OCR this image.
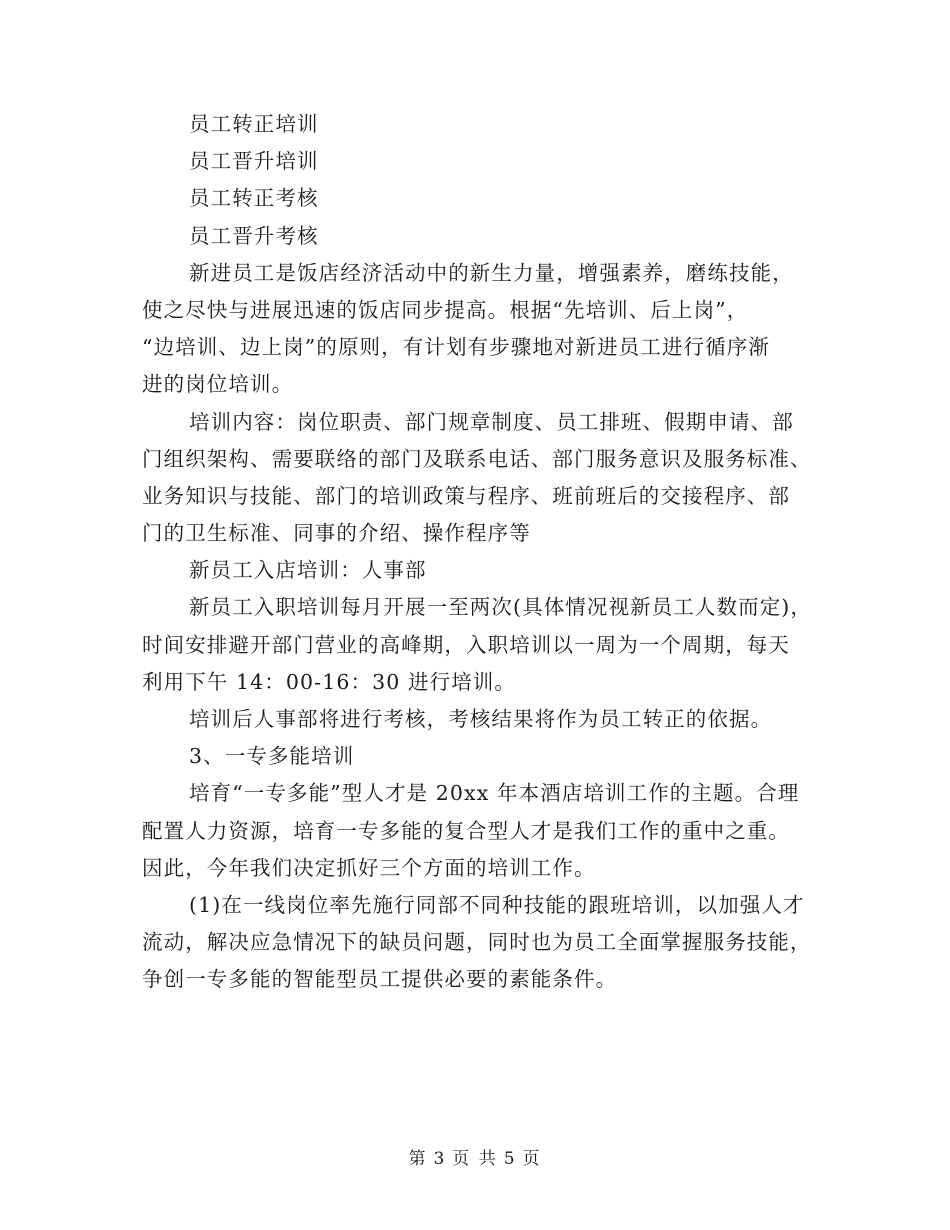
员工转正培训
员工晋升培训
员工转正考核
员工晋升考核
新进员工是饭店经济活动中的新生力量，增强素养，磨练技能，
使之尽快与进展迅速的饭店同步提高。根据“先培训、后上岗”，
“边培训、边上岗”的原则，有计划有步骤地对新进员工进行循序渐
进的岗位培训。
培训内容：岗位职责、部门规章制度、员工排班、假期申请、部
门组织架构、需要联络的部门及联系电话、部门服务意识及服务标准、
业务知识与技能、部门的培训政策与程序、班前班后的交接程序、部
门的卫生标准、同事的介绍、操作程序等
新员工入店培训：人事部
新员工入职培训每月开展一至两次(具体情况视新员工人数而定)，
时间安排避开部门营业的高峰期，入职培训以一周为一个周期，每天
利用下午 14：00-16：30 进行培训。
培训后人事部将进行考核，考核结果将作为员工转正的依据。
3、一专多能培训
培育“一专多能”型人才是 20xx 年本酒店培训工作的主题。合理
配置人力资源，培育一专多能的复合型人才是我们工作的重中之重。
因此，今年我们决定抓好三个方面的培训工作。
(1)在一线岗位率先施行同部不同种技能的跟班培训，以加强人才
流动，解决应急情况下的缺员问题，同时也为员工全面掌握服务技能，
争创一专多能的智能型员工提供必要的素能条件。
第 3 页 共 5 页
